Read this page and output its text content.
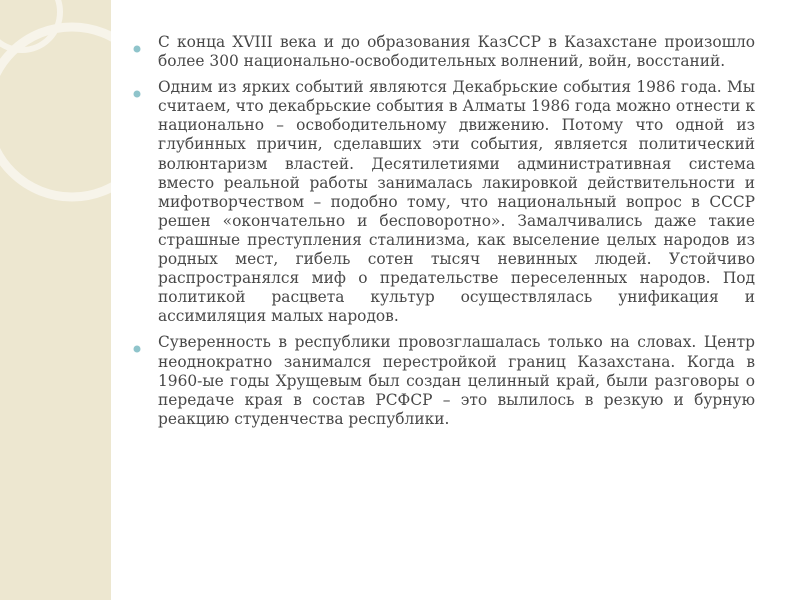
С конца XVIII века и до образования КазССР в Казахстане произошло более 300 национально-освободительных волнений, войн, восстаний.
Одним из ярких событий являются Декабрьские события 1986 года. Мы считаем, что декабрьские события в Алматы 1986 года можно отнести к национально – освободительному движению. Потому что одной из глубинных причин, сделавших эти события, является политический волюнтаризм властей. Десятилетиями административная система вместо реальной работы занималась лакировкой действительности и мифотворчеством – подобно тому, что национальный вопрос в СССР решен «окончательно и бесповоротно». Замалчивались даже такие страшные преступления сталинизма, как выселение целых народов из родных мест, гибель сотен тысяч невинных людей. Устойчиво распространялся миф о предательстве переселенных народов. Под политикой расцвета культур осуществлялась унификация и ассимиляция малых народов.
Суверенность в республики провозглашалась только на словах. Центр неоднократно занимался перестройкой границ Казахстана. Когда в 1960-ые годы Хрущевым был создан целинный край, были разговоры о передаче края в состав РСФСР – это вылилось в резкую и бурную реакцию студенчества республики.
